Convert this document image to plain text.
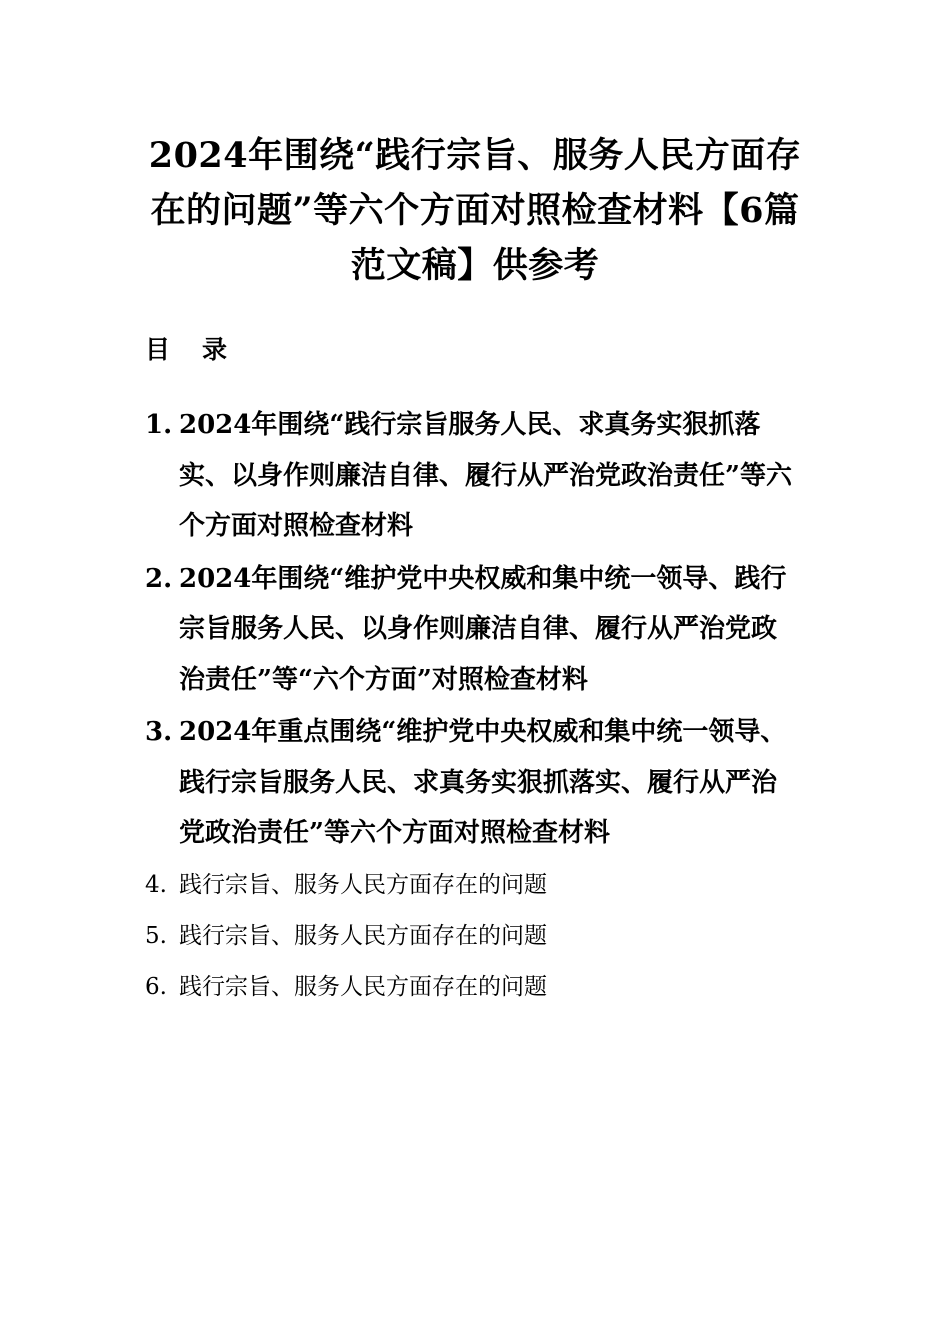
2024年围绕“践行宗旨、服务人民方面存在的问题”等六个方面对照检查材料【6篇范文稿】供参考
目录
1. 2024年围绕“践行宗旨服务人民、求真务实狠抓落实、以身作则廉洁自律、履行从严治党政治责任”等六个方面对照检查材料
2. 2024年围绕“维护党中央权威和集中统一领导、践行宗旨服务人民、以身作则廉洁自律、履行从严治党政治责任”等“六个方面”对照检查材料
3. 2024年重点围绕“维护党中央权威和集中统一领导、践行宗旨服务人民、求真务实狠抓落实、履行从严治党政治责任”等六个方面对照检查材料
4. 践行宗旨、服务人民方面存在的问题
5. 践行宗旨、服务人民方面存在的问题
6. 践行宗旨、服务人民方面存在的问题
